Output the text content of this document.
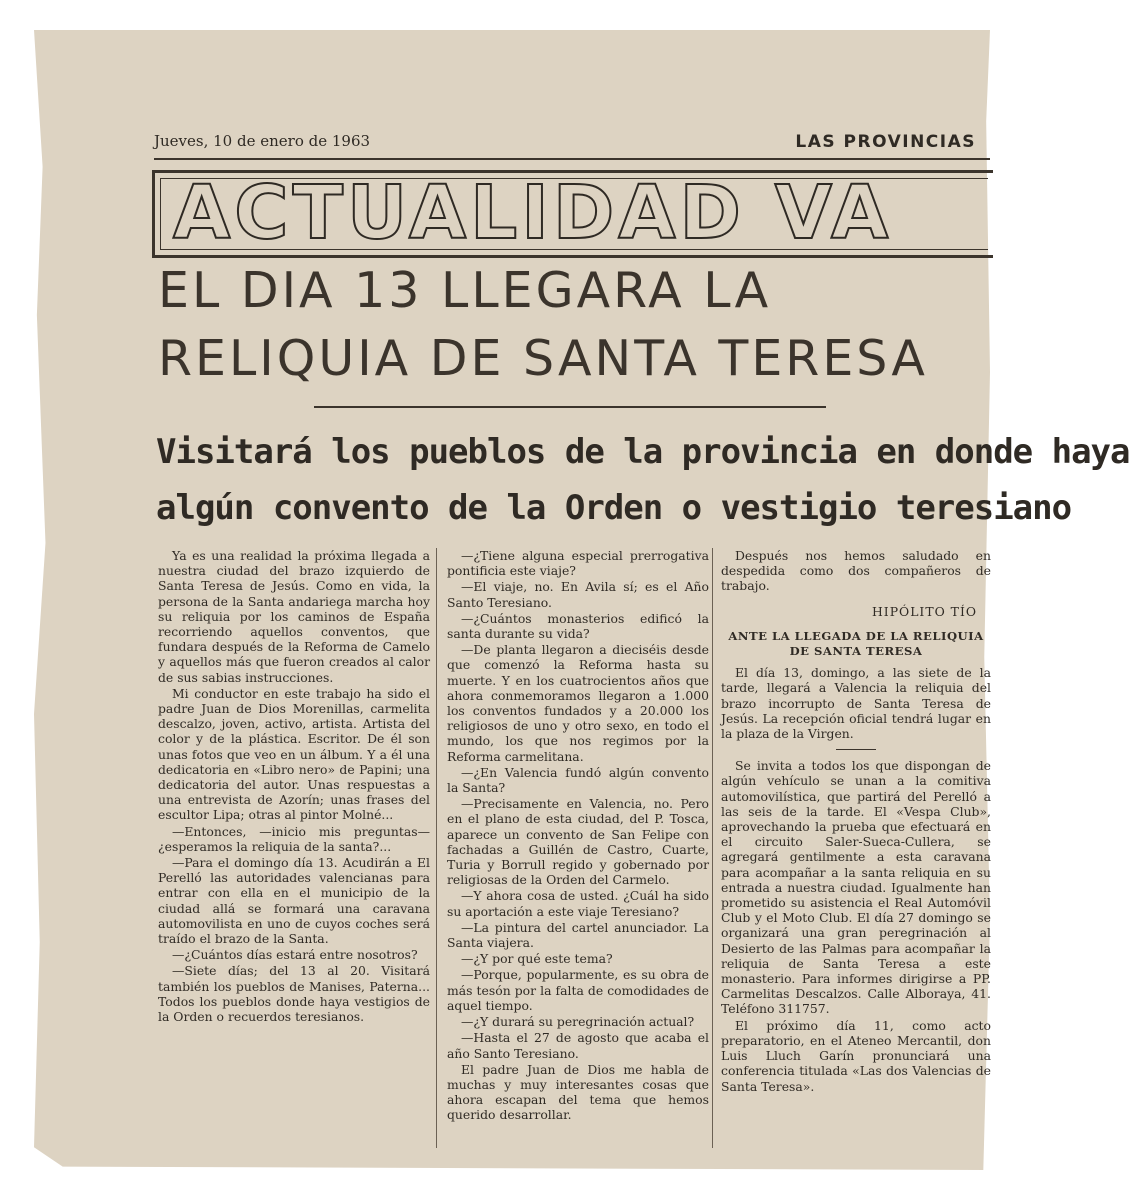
Jueves, 10 de enero de 1963	LAS PROVINCIAS
ACTUALIDAD VA
EL DIA 13 LLEGARA LA
RELIQUIA DE SANTA TERESA
Visitará los pueblos de la provincia en donde haya
algún convento de la Orden o vestigio teresiano

Ya es una realidad la próxima llegada a nuestra ciudad del brazo izquierdo de Santa Teresa de Jesús. Como en vida, la persona de la Santa andariega marcha hoy su reliquia por los caminos de España recorriendo aquellos conventos, que fundara después de la Reforma de Camelo y aquellos más que fueron creados al calor de sus sabias instrucciones.

Mi conductor en este trabajo ha sido el padre Juan de Dios Morenillas, carmelita descalzo, joven, activo, artista. Artista del color y de la plástica. Escritor. De él son unas fotos que veo en un álbum. Y a él una dedicatoria en «Libro nero» de Papini; una dedicatoria del autor. Unas respuestas a una entrevista de Azorín; unas frases del escultor Lipa; otras al pintor Molné...

—Entonces, —inicio mis preguntas— ¿esperamos la reliquia de la santa?...

—Para el domingo día 13. Acudirán a El Perelló las autoridades valencianas para entrar con ella en el municipio de la ciudad allá se formará una caravana automovilista en uno de cuyos coches será traído el brazo de la Santa.

—¿Cuántos días estará entre nosotros?

—Siete días; del 13 al 20. Visitará también los pueblos de Manises, Paterna... Todos los pueblos donde haya vestigios de la Orden o recuerdos teresianos.

—¿Tiene alguna especial prerrogativa pontificia este viaje?

—El viaje, no. En Avila sí; es el Año Santo Teresiano.

—¿Cuántos monasterios edificó la santa durante su vida?

—De planta llegaron a dieciséis desde que comenzó la Reforma hasta su muerte. Y en los cuatrocientos años que ahora conmemoramos llegaron a 1.000 los conventos fundados y a 20.000 los religiosos de uno y otro sexo, en todo el mundo, los que nos regimos por la Reforma carmelitana.

—¿En Valencia fundó algún convento la Santa?

—Precisamente en Valencia, no. Pero en el plano de esta ciudad, del P. Tosca, aparece un convento de San Felipe con fachadas a Guillén de Castro, Cuarte, Turia y Borrull regido y gobernado por religiosas de la Orden del Carmelo.

—Y ahora cosa de usted. ¿Cuál ha sido su aportación a este viaje Teresiano?

—La pintura del cartel anunciador. La Santa viajera.

—¿Y por qué este tema?

—Porque, popularmente, es su obra de más tesón por la falta de comodidades de aquel tiempo.

—¿Y durará su peregrinación actual?

—Hasta el 27 de agosto que acaba el año Santo Teresiano.

El padre Juan de Dios me habla de muchas y muy interesantes cosas que ahora escapan del tema que hemos querido desarrollar.

Después nos hemos saludado en despedida como dos compañeros de trabajo.

HIPÓLITO TÍO
ANTE LA LLEGADA DE LA RELIQUIA DE SANTA TERESA

El día 13, domingo, a las siete de la tarde, llegará a Valencia la reliquia del brazo incorrupto de Santa Teresa de Jesús. La recepción oficial tendrá lugar en la plaza de la Virgen.

Se invita a todos los que dispongan de algún vehículo se unan a la comitiva automovilística, que partirá del Perelló a las seis de la tarde. El «Vespa Club», aprovechando la prueba que efectuará en el circuito Saler-Sueca-Cullera, se agregará gentilmente a esta caravana para acompañar a la santa reliquia en su entrada a nuestra ciudad. Igualmente han prometido su asistencia el Real Automóvil Club y el Moto Club. El día 27 domingo se organizará una gran peregrinación al Desierto de las Palmas para acompañar la reliquia de Santa Teresa a este monasterio. Para informes dirigirse a PP. Carmelitas Descalzos. Calle Alboraya, 41. Teléfono 311757.

El próximo día 11, como acto preparatorio, en el Ateneo Mercantil, don Luis Lluch Garín pronunciará una conferencia titulada «Las dos Valencias de Santa Teresa».
